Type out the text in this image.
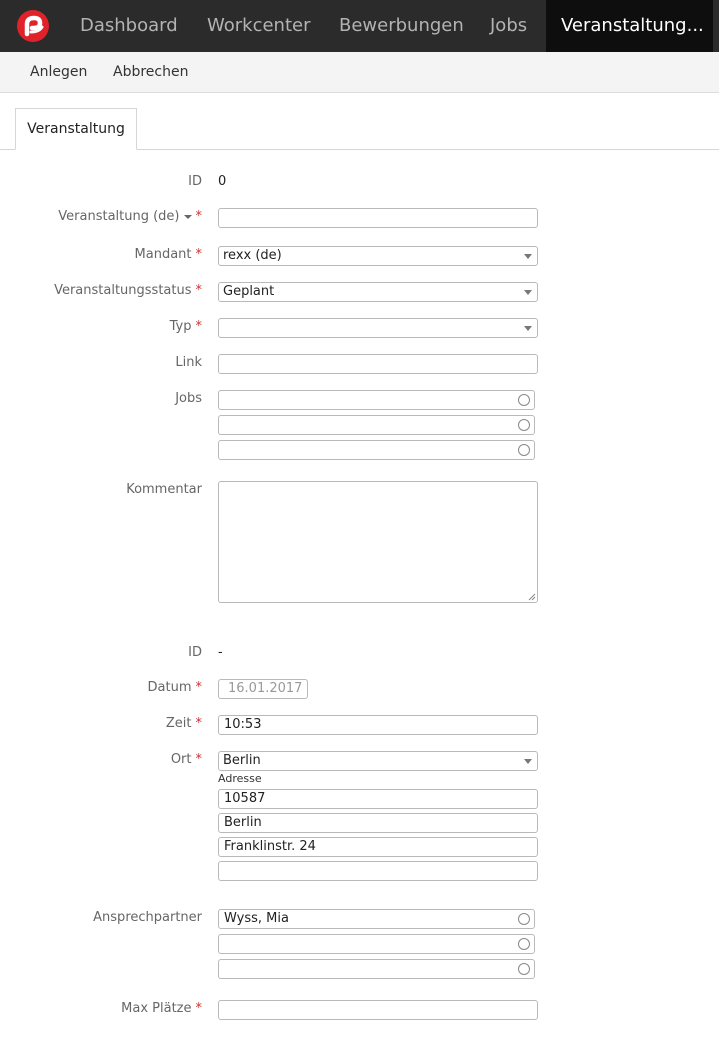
Dashboard Workcenter Bewerbungen Jobs	Veranstaltung...
Anlegen Abbrechen
Veranstaltung
ID 0
Veranstaltung (de) *
Mandant *	rexx (de)
Veranstaltungsstatus *	Geplant
Typ *
Link
Jobs
Kommentar
ID -
Datum *	16.01.2017
Zeit *	10:53
Ort *	Berlin
Adresse
10587
Berlin
Franklinstr. 24
Ansprechpartner	Wyss, Mia
Max Plätze *
